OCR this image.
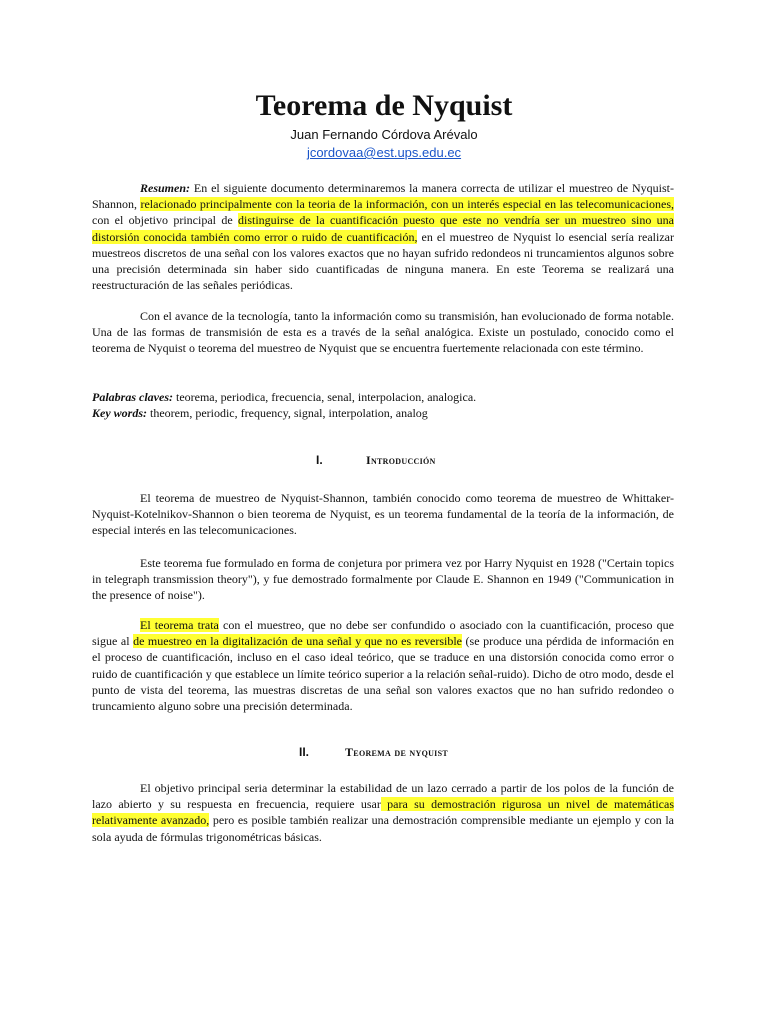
Teorema de Nyquist
Juan Fernando Córdova Arévalo
jcordovaa@est.ups.edu.ec
Resumen: En el siguiente documento determinaremos la manera correcta de utilizar el muestreo de Nyquist-Shannon, relacionado principalmente con la teoria de la información, con un interés especial en las telecomunicaciones, con el objetivo principal de distinguirse de la cuantificación puesto que este no vendría ser un muestreo sino una distorsión conocida también como error o ruido de cuantificación, en el muestreo de Nyquist lo esencial sería realizar muestreos discretos de una señal con los valores exactos que no hayan sufrido redondeos ni truncamientos algunos sobre una precisión determinada sin haber sido cuantificadas de ninguna manera. En este Teorema se realizará una reestructuración de las señales periódicas.
Con el avance de la tecnología, tanto la información como su transmisión, han evolucionado de forma notable. Una de las formas de transmisión de esta es a través de la señal analógica. Existe un postulado, conocido como el teorema de Nyquist o teorema del muestreo de Nyquist que se encuentra fuertemente relacionada con este término.
Palabras claves: teorema, periodica, frecuencia, senal, interpolacion, analogica.
Key words: theorem, periodic, frequency, signal, interpolation, analog
I.	Introducción
El teorema de muestreo de Nyquist-Shannon, también conocido como teorema de muestreo de Whittaker-Nyquist-Kotelnikov-Shannon o bien teorema de Nyquist, es un teorema fundamental de la teoría de la información, de especial interés en las telecomunicaciones.
Este teorema fue formulado en forma de conjetura por primera vez por Harry Nyquist en 1928 ("Certain topics in telegraph transmission theory"), y fue demostrado formalmente por Claude E. Shannon en 1949 ("Communication in the presence of noise").
El teorema trata con el muestreo, que no debe ser confundido o asociado con la cuantificación, proceso que sigue al de muestreo en la digitalización de una señal y que no es reversible (se produce una pérdida de información en el proceso de cuantificación, incluso en el caso ideal teórico, que se traduce en una distorsión conocida como error o ruido de cuantificación y que establece un límite teórico superior a la relación señal-ruido). Dicho de otro modo, desde el punto de vista del teorema, las muestras discretas de una señal son valores exactos que no han sufrido redondeo o truncamiento alguno sobre una precisión determinada.
II.	Teorema de nyquist
El objetivo principal seria determinar la estabilidad de un lazo cerrado a partir de los polos de la función de lazo abierto y su respuesta en frecuencia, requiere usar para su demostración rigurosa un nivel de matemáticas relativamente avanzado, pero es posible también realizar una demostración comprensible mediante un ejemplo y con la sola ayuda de fórmulas trigonométricas básicas.
